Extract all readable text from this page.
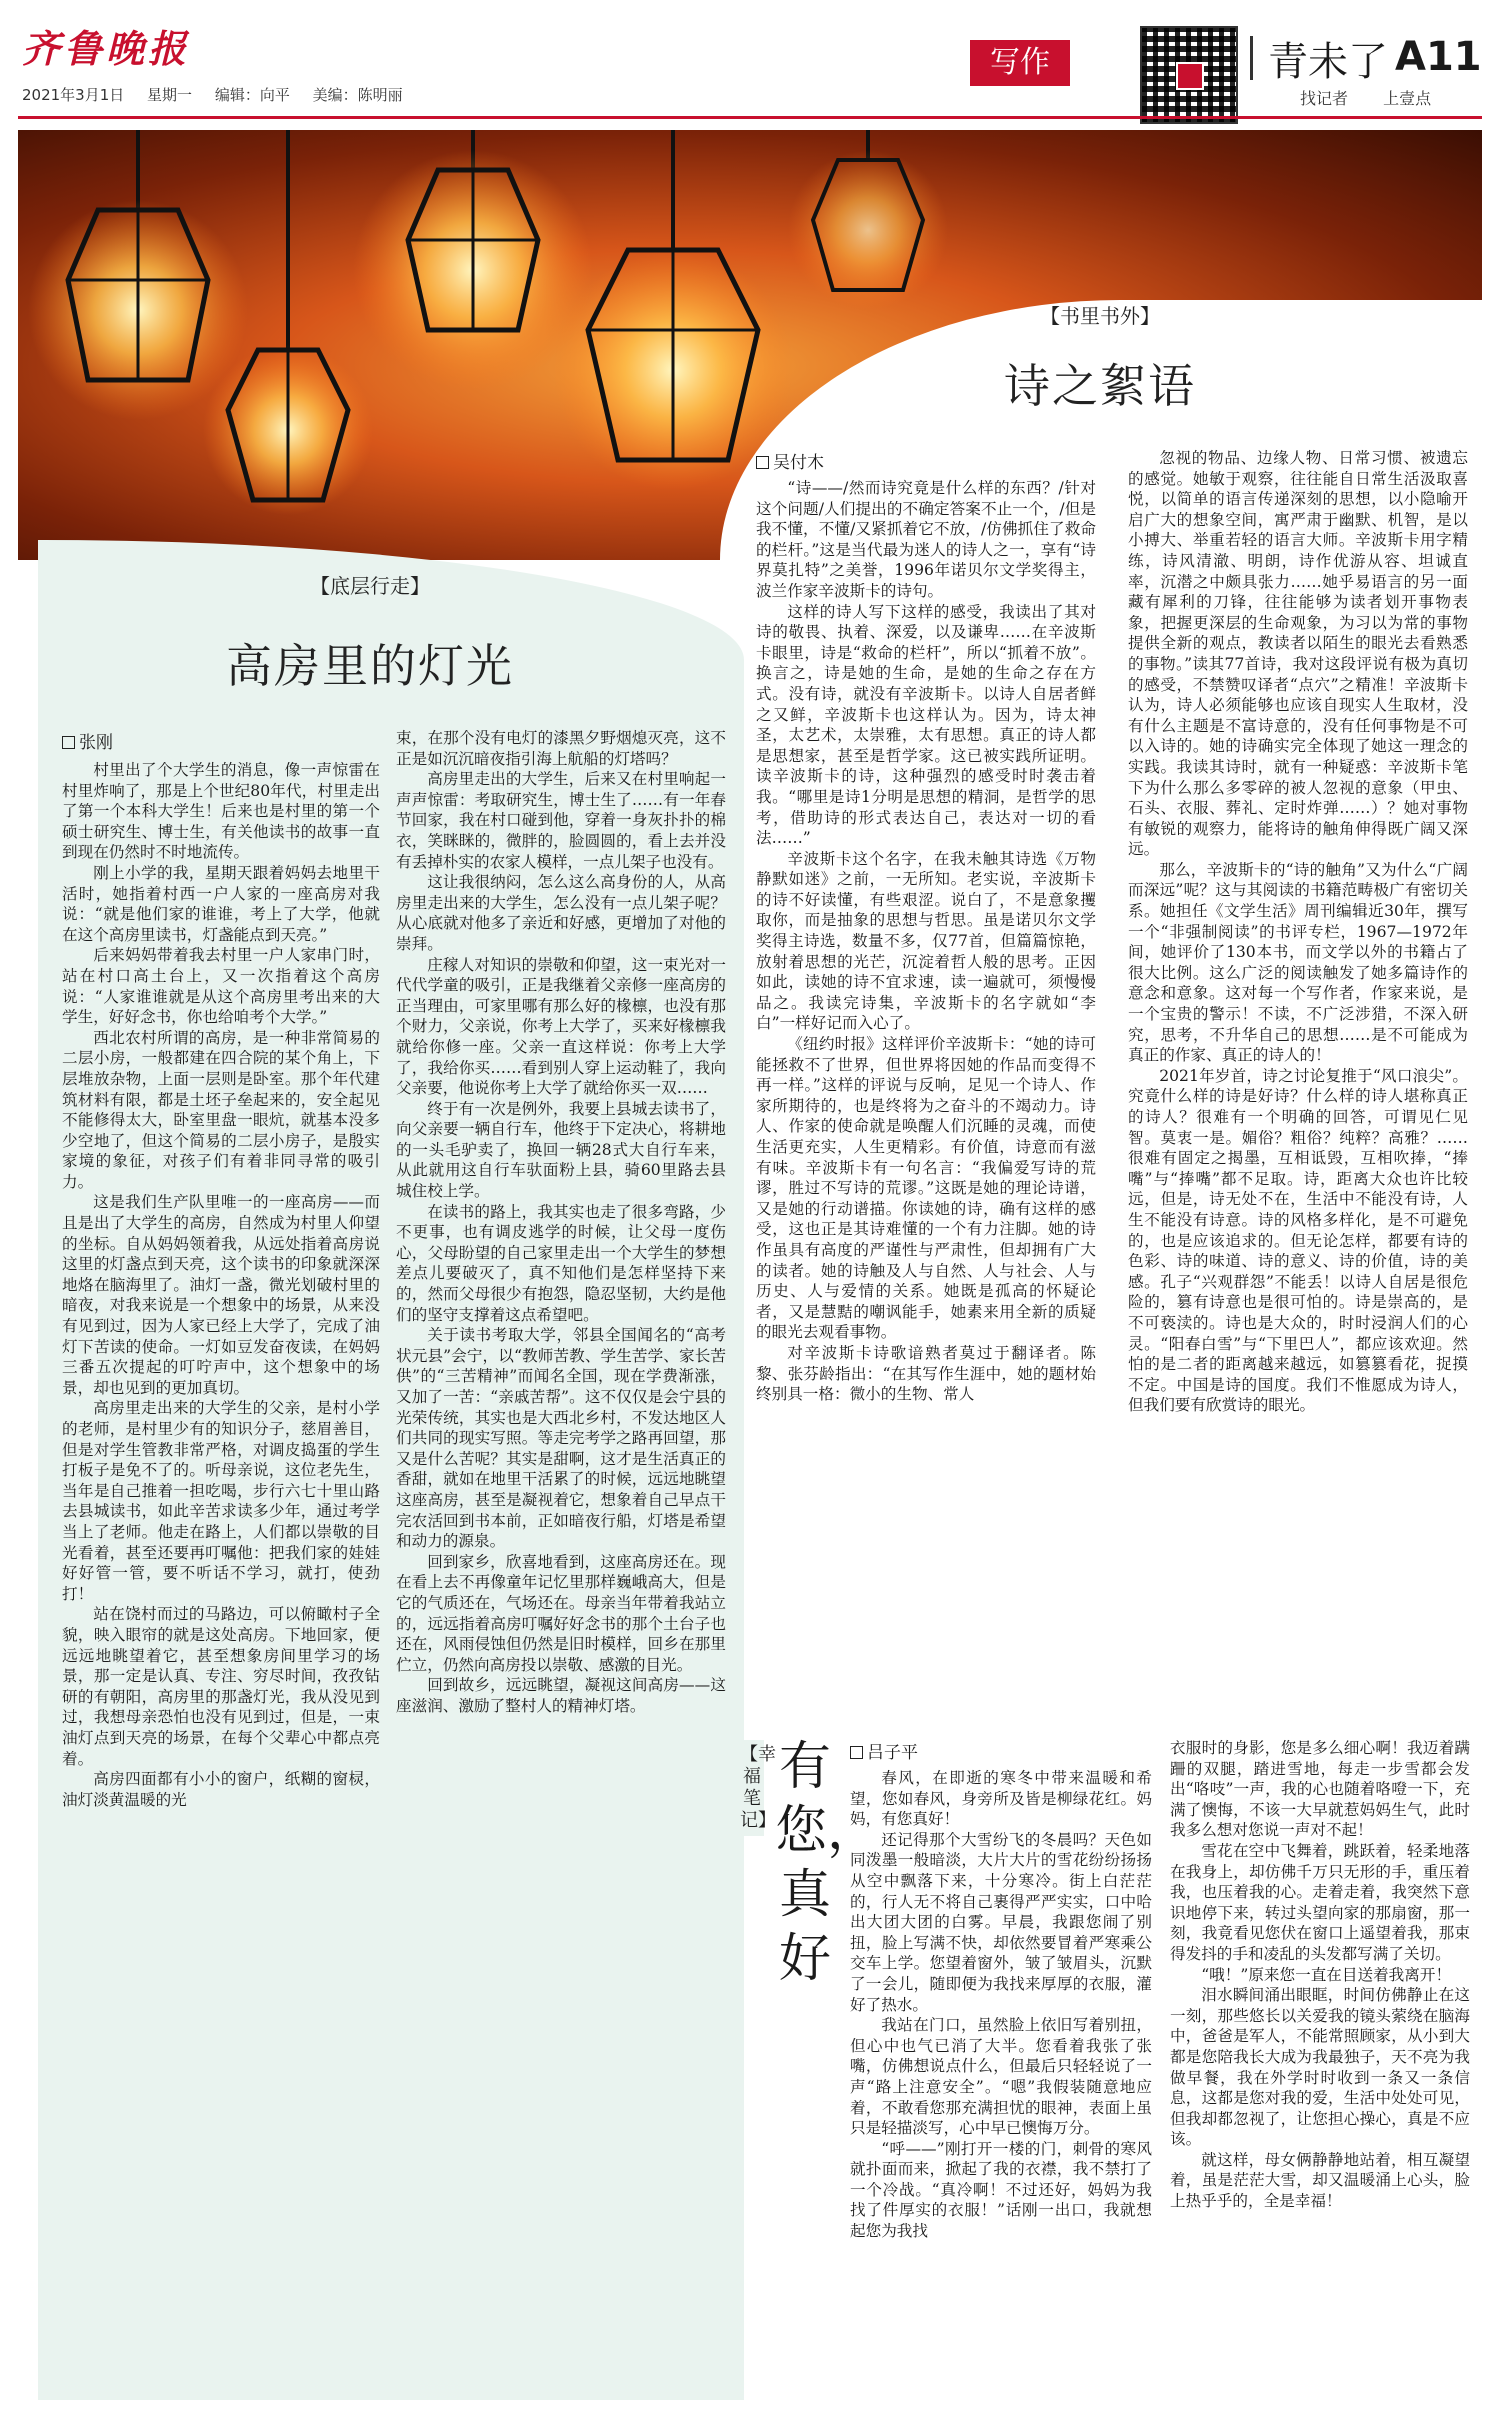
齐鲁晚报
2021年3月1日 星期一 编辑：向平 美编：陈明丽
写作	青未了 A11
找记者 上壹点
【书里书外】
诗之絮语
吴付木

“诗——/然而诗究竟是什么样的东西？/针对这个问题/人们提出的不确定答案不止一个，/但是我不懂，不懂/又紧抓着它不放，/仿佛抓住了救命的栏杆。”这是当代最为迷人的诗人之一，享有“诗界莫扎特”之美誉，1996年诺贝尔文学奖得主，波兰作家辛波斯卡的诗句。

这样的诗人写下这样的感受，我读出了其对诗的敬畏、执着、深爱，以及谦卑……在辛波斯卡眼里，诗是“救命的栏杆”，所以“抓着不放”。换言之，诗是她的生命，是她的生命之存在方式。没有诗，就没有辛波斯卡。以诗人自居者鲜之又鲜，辛波斯卡也这样认为。因为，诗太神圣，太艺术，太崇雅，太有思想。真正的诗人都是思想家，甚至是哲学家。这已被实践所证明。读辛波斯卡的诗，这种强烈的感受时时袭击着我。“哪里是诗1分明是思想的精洞，是哲学的思考，借助诗的形式表达自己，表达对一切的看法……”

辛波斯卡这个名字，在我未触其诗选《万物静默如迷》之前，一无所知。老实说，辛波斯卡的诗不好读懂，有些艰涩。说白了，不是意象攫取你，而是抽象的思想与哲思。虽是诺贝尔文学奖得主诗选，数量不多，仅77首，但篇篇惊艳，放射着思想的光芒，沉淀着哲人般的思考。正因如此，读她的诗不宜求速，读一遍就可，须慢慢品之。我读完诗集，辛波斯卡的名字就如“李白”一样好记而入心了。

《纽约时报》这样评价辛波斯卡：“她的诗可能拯救不了世界，但世界将因她的作品而变得不再一样。”这样的评说与反响，足见一个诗人、作家所期待的，也是终将为之奋斗的不竭动力。诗人、作家的使命就是唤醒人们沉睡的灵魂，而使生活更充实，人生更精彩。有价值，诗意而有滋有味。辛波斯卡有一句名言：“我偏爱写诗的荒谬，胜过不写诗的荒谬。”这既是她的理论诗谱，又是她的行动谱描。你读她的诗，确有这样的感受，这也正是其诗难懂的一个有力注脚。她的诗作虽具有高度的严谨性与严肃性，但却拥有广大的读者。她的诗触及人与自然、人与社会、人与历史、人与爱情的关系。她既是孤高的怀疑论者，又是慧黠的嘲讽能手，她素来用全新的质疑的眼光去观看事物。

对辛波斯卡诗歌谙熟者莫过于翻译者。陈黎、张芬龄指出：“在其写作生涯中，她的题材始终别具一格：微小的生物、常人

忽视的物品、边缘人物、日常习惯、被遗忘的感觉。她敏于观察，往往能自日常生活汲取喜悦，以简单的语言传递深刻的思想，以小隐喻开启广大的想象空间，寓严肃于幽默、机智，是以小搏大、举重若轻的语言大师。辛波斯卡用字精练，诗风清澈、明朗，诗作优游从容、坦诚直率，沉潜之中颇具张力……她乎易语言的另一面藏有犀利的刀锋，往往能够为读者划开事物表象，把握更深层的生命观象，为习以为常的事物提供全新的观点，教读者以陌生的眼光去看熟悉的事物。”读其77首诗，我对这段评说有极为真切的感受，不禁赞叹译者“点穴”之精准！辛波斯卡认为，诗人必须能够也应该自现实人生取材，没有什么主题是不富诗意的，没有任何事物是不可以入诗的。她的诗确实完全体现了她这一理念的实践。我读其诗时，就有一种疑惑：辛波斯卡笔下为什么那么多零碎的被人忽视的意象（甲虫、石头、衣服、葬礼、定时炸弹……）？她对事物有敏锐的观察力，能将诗的触角伸得既广阔又深远。

那么，辛波斯卡的“诗的触角”又为什么“广阔而深远”呢？这与其阅读的书籍范畴极广有密切关系。她担任《文学生活》周刊编辑近30年，撰写一个“非强制阅读”的书评专栏，1967—1972年间，她评价了130本书，而文学以外的书籍占了很大比例。这么广泛的阅读触发了她多篇诗作的意念和意象。这对每一个写作者，作家来说，是一个宝贵的警示！不读，不广泛涉猎，不深入研究，思考，不升华自己的思想……是不可能成为真正的作家、真正的诗人的！

2021年岁首，诗之讨论复推于“风口浪尖”。究竟什么样的诗是好诗？什么样的诗人堪称真正的诗人？很难有一个明确的回答，可谓见仁见智。莫衷一是。媚俗？粗俗？纯粹？高雅？……很难有固定之揭墨，互相诋毁，互相吹捧，“捧嘴”与“捧嘴”都不足取。诗，距离大众也许比较远，但是，诗无处不在，生活中不能没有诗，人生不能没有诗意。诗的风格多样化，是不可避免的，也是应该追求的。但无论怎样，都要有诗的色彩、诗的味道、诗的意义、诗的价值，诗的美感。孔子“兴观群怨”不能丢！以诗人自居是很危险的，篡有诗意也是很可怕的。诗是崇高的，是不可亵渎的。诗也是大众的，时时浸润人们的心灵。“阳春白雪”与“下里巴人”，都应该欢迎。然怕的是二者的距离越来越远，如篡篡看花，捉摸不定。中国是诗的国度。我们不惟愿成为诗人，但我们要有欣赏诗的眼光。

【底层行走】
高房里的灯光
张刚

村里出了个大学生的消息，像一声惊雷在村里炸响了，那是上个世纪80年代，村里走出了第一个本科大学生！后来也是村里的第一个硕士研究生、博士生，有关他读书的故事一直到现在仍然时不时地流传。

刚上小学的我，星期天跟着妈妈去地里干活时，她指着村西一户人家的一座高房对我说：“就是他们家的谁谁，考上了大学，他就在这个高房里读书，灯盏能点到天亮。”

后来妈妈带着我去村里一户人家串门时，站在村口高土台上，又一次指着这个高房说：“人家谁谁就是从这个高房里考出来的大学生，好好念书，你也给咱考个大学。”

西北农村所谓的高房，是一种非常简易的二层小房，一般都建在四合院的某个角上，下层堆放杂物，上面一层则是卧室。那个年代建筑材料有限，都是土坯子垒起来的，安全起见不能修得太大，卧室里盘一眼炕，就基本没多少空地了，但这个简易的二层小房子，是殷实家境的象征，对孩子们有着非同寻常的吸引力。

这是我们生产队里唯一的一座高房——而且是出了大学生的高房，自然成为村里人仰望的坐标。自从妈妈领着我，从远处指着高房说这里的灯盏点到天亮，这个读书的印象就深深地烙在脑海里了。油灯一盏，微光划破村里的暗夜，对我来说是一个想象中的场景，从来没有见到过，因为人家已经上大学了，完成了油灯下苦读的使命。一灯如豆发奋夜读，在妈妈三番五次提起的叮咛声中，这个想象中的场景，却也见到的更加真切。

高房里走出来的大学生的父亲，是村小学的老师，是村里少有的知识分子，慈眉善目，但是对学生管教非常严格，对调皮捣蛋的学生打板子是免不了的。听母亲说，这位老先生，当年是自己推着一担吃喝，步行六七十里山路去县城读书，如此辛苦求读多少年，通过考学当上了老师。他走在路上，人们都以崇敬的目光看着，甚至还要再叮嘱他：把我们家的娃娃好好管一管，要不听话不学习，就打，使劲打！

站在饶村而过的马路边，可以俯瞰村子全貌，映入眼帘的就是这处高房。下地回家，便远远地眺望着它，甚至想象房间里学习的场景，那一定是认真、专注、穷尽时间，孜孜钻研的有朝阳，高房里的那盏灯光，我从没见到过，我想母亲恐怕也没有见到过，但是，一束油灯点到天亮的场景，在每个父辈心中都点亮着。

高房四面都有小小的窗户，纸糊的窗棂，油灯淡黄温暖的光

束，在那个没有电灯的漆黑夕野烟熄灭亮，这不正是如沉沉暗夜指引海上航船的灯塔吗？

高房里走出的大学生，后来又在村里响起一声声惊雷：考取研究生，博士生了……有一年春节回家，我在村口碰到他，穿着一身灰扑扑的棉衣，笑眯眯的，微胖的，脸圆圆的，看上去并没有丢掉朴实的农家人模样，一点儿架子也没有。

这让我很纳闷，怎么这么高身份的人，从高房里走出来的大学生，怎么没有一点儿架子呢？从心底就对他多了亲近和好感，更增加了对他的崇拜。

庄稼人对知识的崇敬和仰望，这一束光对一代代学童的吸引，正是我继着父亲修一座高房的正当理由，可家里哪有那么好的椽檩，也没有那个财力，父亲说，你考上大学了，买来好椽檩我就给你修一座。父亲一直这样说：你考上大学了，我给你买……看到别人穿上运动鞋了，我向父亲要，他说你考上大学了就给你买一双……

终于有一次是例外，我要上县城去读书了，向父亲要一辆自行车，他终于下定决心，将耕地的一头毛驴卖了，换回一辆28式大自行车来，从此就用这自行车驮面粉上县，骑60里路去县城住校上学。

在读书的路上，我其实也走了很多弯路，少不更事，也有调皮逃学的时候，让父母一度伤心，父母盼望的自己家里走出一个大学生的梦想差点儿要破灭了，真不知他们是怎样坚持下来的，然而父母很少有抱怨，隐忍坚韧，大约是他们的坚守支撑着这点希望吧。

关于读书考取大学，邻县全国闻名的“高考状元县”会宁，以“教师苦教、学生苦学、家长苦供”的“三苦精神”而闻名全国，现在学费渐涨，又加了一苦：“亲戚苦帮”。这不仅仅是会宁县的光荣传统，其实也是大西北乡村，不发达地区人们共同的现实写照。等走完考学之路再回望，那又是什么苦呢？其实是甜啊，这才是生活真正的香甜，就如在地里干活累了的时候，远远地眺望这座高房，甚至是凝视着它，想象着自己早点干完农活回到书本前，正如暗夜行船，灯塔是希望和动力的源泉。

回到家乡，欣喜地看到，这座高房还在。现在看上去不再像童年记忆里那样巍峨高大，但是它的气质还在，气场还在。母亲当年带着我站立的，远远指着高房叮嘱好好念书的那个土台子也还在，风雨侵蚀但仍然是旧时模样，回乡在那里伫立，仍然向高房投以崇敬、感激的目光。

回到故乡，远远眺望，凝视这间高房——这座滋润、激励了整村人的精神灯塔。

【幸福笔记】
有您，真好
吕子平

春风，在即逝的寒冬中带来温暖和希望，您如春风，身旁所及皆是柳绿花红。妈妈，有您真好！

还记得那个大雪纷飞的冬晨吗？天色如同泼墨一般暗淡，大片大片的雪花纷纷扬扬从空中飘落下来，十分寒冷。街上白茫茫的，行人无不将自己裹得严严实实，口中哈出大团大团的白雾。早晨，我跟您闹了别扭，脸上写满不快，却依然要冒着严寒乘公交车上学。您望着窗外，皱了皱眉头，沉默了一会儿，随即便为我找来厚厚的衣服，灌好了热水。

我站在门口，虽然脸上依旧写着别扭，但心中也气已消了大半。您看着我张了张嘴，仿佛想说点什么，但最后只轻轻说了一声“路上注意安全”。“嗯”我假装随意地应着，不敢看您那充满担忧的眼神，表面上虽只是轻描淡写，心中早已懊悔万分。

“呼——”刚打开一楼的门，刺骨的寒风就扑面而来，掀起了我的衣襟，我不禁打了一个冷战。“真冷啊！不过还好，妈妈为我找了件厚实的衣服！”话刚一出口，我就想起您为我找

衣服时的身影，您是多么细心啊！我迈着蹒跚的双腿，踏进雪地，每走一步雪都会发出“咯吱”一声，我的心也随着咯噔一下，充满了懊悔，不该一大早就惹妈妈生气，此时我多么想对您说一声对不起！

雪花在空中飞舞着，跳跃着，轻柔地落在我身上，却仿佛千万只无形的手，重压着我，也压着我的心。走着走着，我突然下意识地停下来，转过头望向家的那扇窗，那一刻，我竟看见您伏在窗口上遥望着我，那束得发抖的手和凌乱的头发都写满了关切。

“哦！”原来您一直在目送着我离开！

泪水瞬间涌出眼眶，时间仿佛静止在这一刻，那些悠长以关爱我的镜头萦绕在脑海中，爸爸是军人，不能常照顾家，从小到大都是您陪我长大成为我最独子，天不亮为我做早餐，我在外学时时收到一条又一条信息，这都是您对我的爱，生活中处处可见，但我却都忽视了，让您担心操心，真是不应该。

就这样，母女俩静静地站着，相互凝望着，虽是茫茫大雪，却又温暖涌上心头，脸上热乎乎的，全是幸福！
